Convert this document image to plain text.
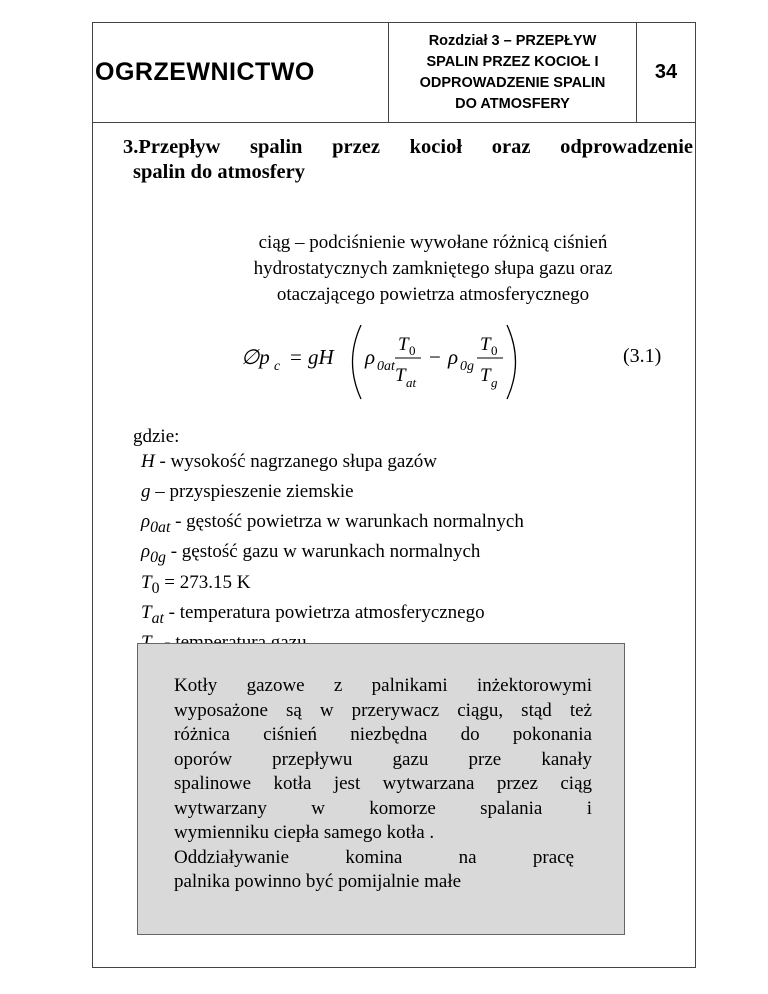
OGRZEWNICTWO
Rozdział 3 – PRZEPŁYW
SPALIN PRZEZ KOCIOŁ I
ODPROWADZENIE SPALIN
DO ATMOSFERY
34
3.Przepływ spalin przez kocioł oraz odprowadzenie
spalin do atmosfery
ciąg – podciśnienie wywołane różnicą ciśnień
hydrostatycznych zamkniętego słupa gazu oraz
otaczającego powietrza atmosferycznego
∅p c = gH ρ 0at
T 0
T at
− ρ 0g
T 0
T g
(3.1)
gdzie:
H - wysokość nagrzanego słupa gazów
g – przyspieszenie ziemskie
$\rho_{0at}$ - gęstość powietrza w warunkach normalnych
$\rho_{0g}$ - gęstość gazu w warunkach normalnych
$T_0 = 273.15$ K
$T_{at}$ - temperatura powietrza atmosferycznego
Kotły gazowe z palnikami inżektorowymi
wyposażone są w przerywacz ciągu, stąd też
różnica ciśnień niezbędna do pokonania
oporów przepływu gazu prze kanały
spalinowe kotła jest wytwarzana przez ciąg
wytwarzany w komorze spalania i
wymienniku ciepła samego kotła .
Oddziaływanie komina na pracę
palnika powinno być pomijalnie małe
